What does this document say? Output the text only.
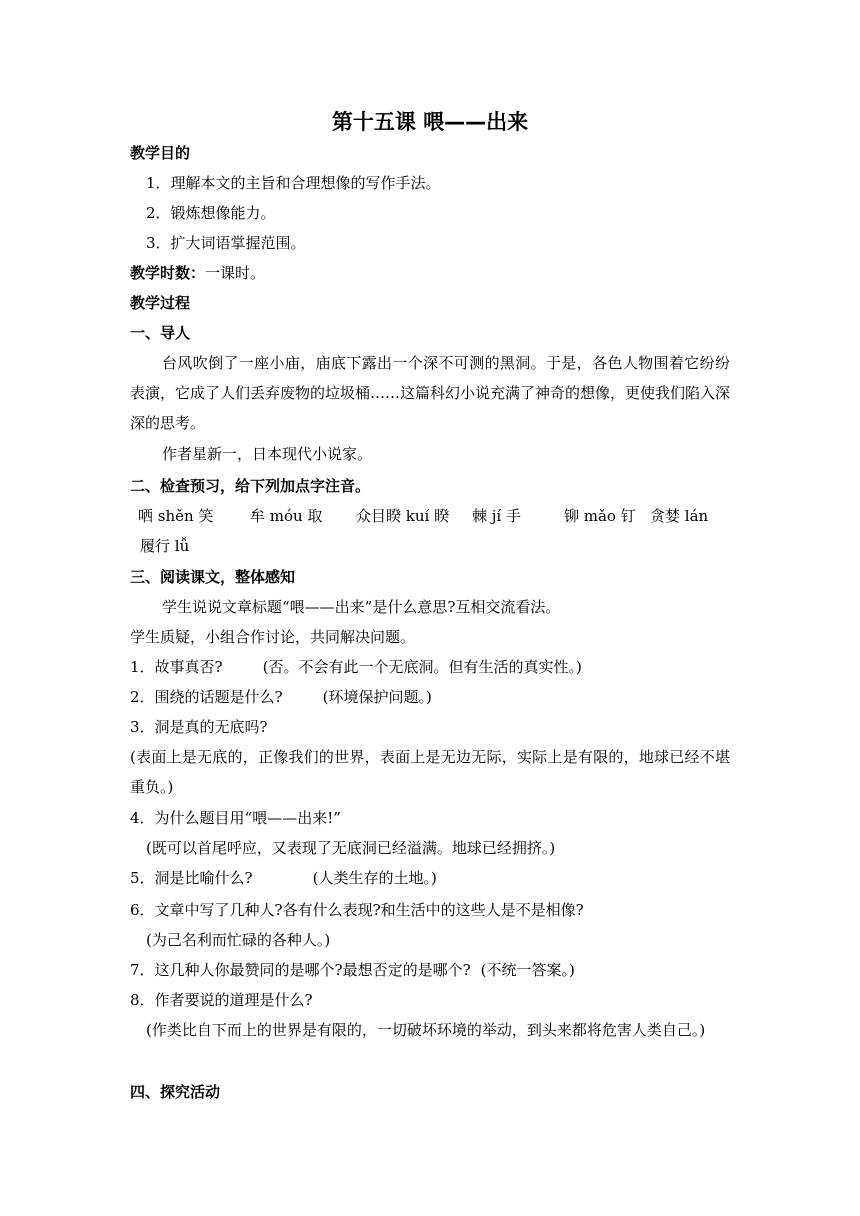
第十五课 喂——出来
教学目的
1．理解本文的主旨和合理想像的写作手法。
2．锻炼想像能力。
3．扩大词语掌握范围。
教学时数：一课时。
教学过程
一、导人
台风吹倒了一座小庙，庙底下露出一个深不可测的黑洞。于是，各色人物围着它纷纷表演，它成了人们丢弃废物的垃圾桶……这篇科幻小说充满了神奇的想像，更使我们陷入深深的思考。
作者星新一，日本现代小说家。
二、检查预习，给下列加点字注音。
哂 shěn 笑 牟 móu 取 众目睽 kuí 睽 棘 jí 手	铆 mǎo 钉 贪婪 lán
履行 lǚ
三、阅读课文，整体感知
学生说说文章标题“喂——出来”是什么意思?互相交流看法。
学生质疑，小组合作讨论，共同解决问题。
1．故事真否?	(否。不会有此一个无底洞。但有生活的真实性。)
2．围绕的话题是什么?	(环境保护问题。)
3．洞是真的无底吗?
(表面上是无底的，正像我们的世界，表面上是无边无际，实际上是有限的，地球已经不堪重负。)
4．为什么题目用“喂——出来!”
(既可以首尾呼应，又表现了无底洞已经溢满。地球已经拥挤。)
5．洞是比喻什么?	(人类生存的土地。)
6．文章中写了几种人?各有什么表现?和生活中的这些人是不是相像?
(为己名利而忙碌的各种人。)
7．这几种人你最赞同的是哪个?最想否定的是哪个? (不统一答案。)
8．作者要说的道理是什么?
(作类比自下而上的世界是有限的，一切破坏环境的举动，到头来都将危害人类自己。)
四、探究活动
